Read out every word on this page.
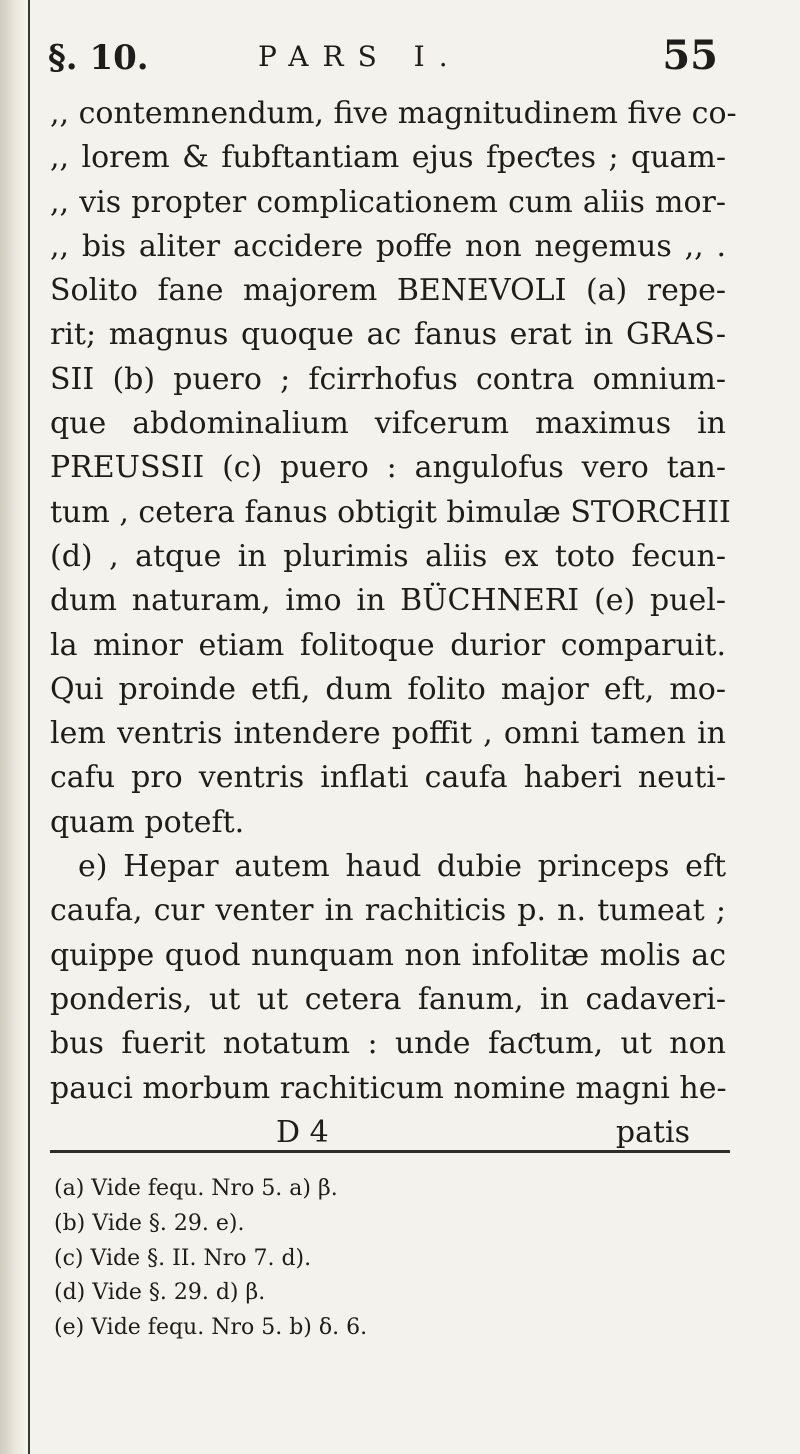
§. 10.	PARS I.	55
,, contemnendum, five magnitudinem five co-
,, lorem & fubftantiam ejus fpeƈtes ; quam-
,, vis propter complicationem cum aliis mor-
,, bis aliter accidere poffe non negemus ,, .
Solito fane majorem BENEVOLI (a) repe-
rit; magnus quoque ac fanus erat in GRAS-
SII (b) puero ; fcirrhofus contra omnium-
que abdominalium vifcerum maximus in
PREUSSII (c) puero : angulofus vero tan-
tum , cetera fanus obtigit bimulæ STORCHII
(d) , atque in plurimis aliis ex toto fecun-
dum naturam, imo in BÜCHNERI (e) puel-
la minor etiam folitoque durior comparuit.
Qui proinde etfi, dum folito major eft, mo-
lem ventris intendere poffit , omni tamen in
cafu pro ventris inflati caufa haberi neuti-
quam poteft.
e) Hepar autem haud dubie princeps eft
caufa, cur venter in rachiticis p. n. tumeat ;
quippe quod nunquam non infolitæ molis ac
ponderis, ut ut cetera fanum, in cadaveri-
bus fuerit notatum : unde faƈtum, ut non
pauci morbum rachiticum nomine magni he-
D 4	patis
(a) Vide fequ. Nro 5. a) β.
(b) Vide §. 29. e).
(c) Vide §. II. Nro 7. d).
(d) Vide §. 29. d) β.
(e) Vide fequ. Nro 5. b) δ. 6.
